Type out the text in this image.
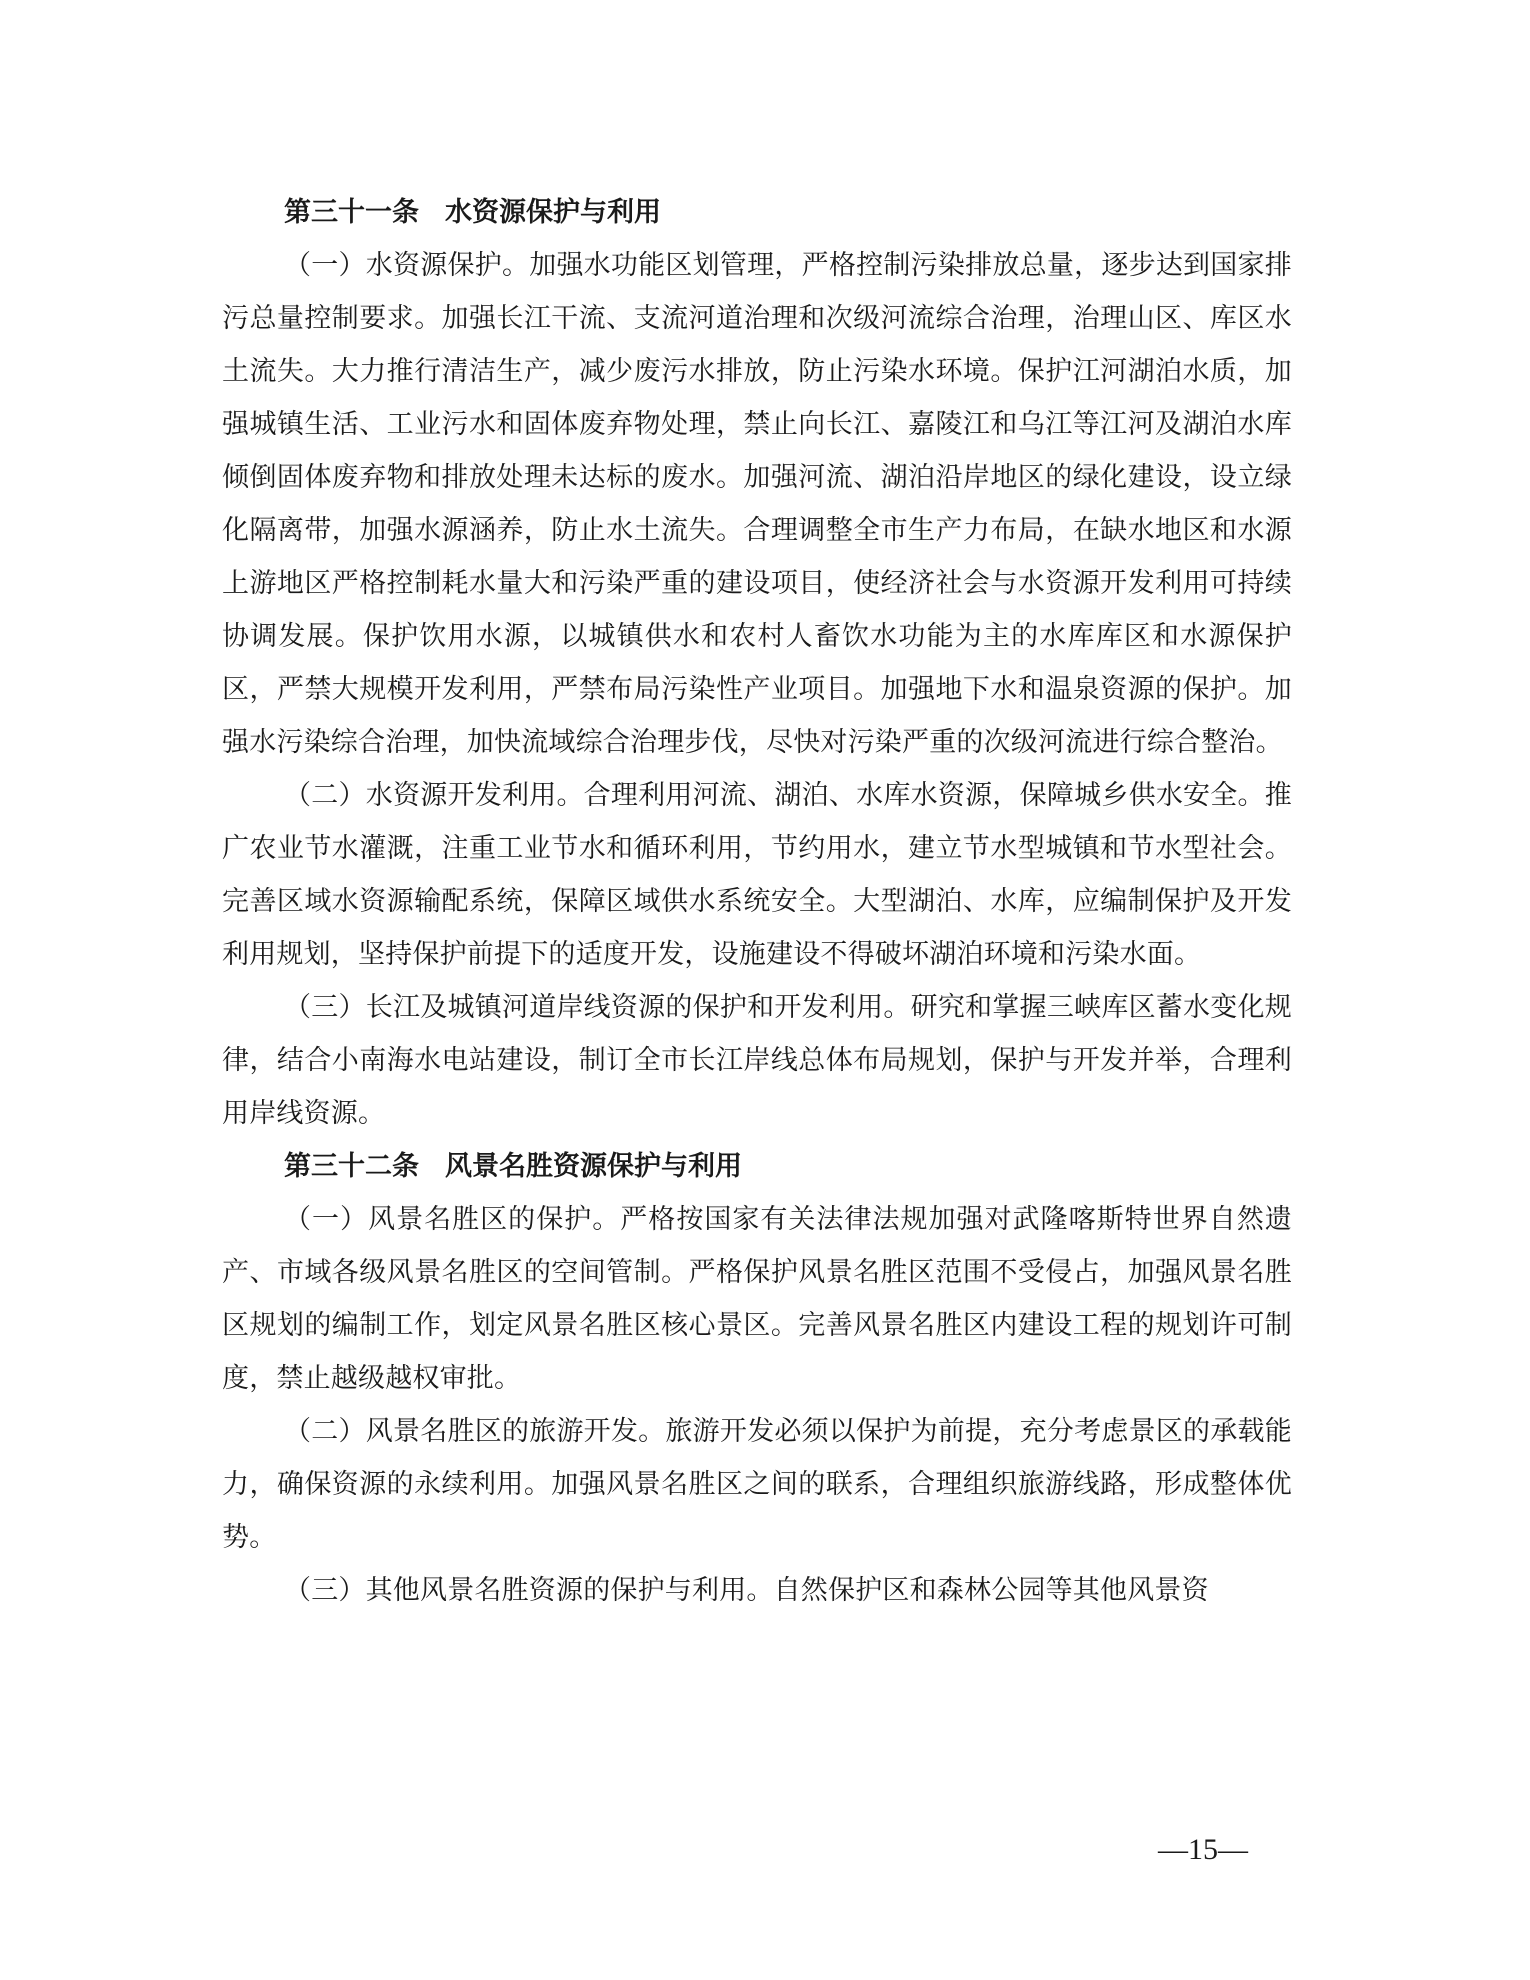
第三十一条 水资源保护与利用

（一）水资源保护。加强水功能区划管理，严格控制污染排放总量，逐步达到国家排污总量控制要求。加强长江干流、支流河道治理和次级河流综合治理，治理山区、库区水土流失。大力推行清洁生产，减少废污水排放，防止污染水环境。保护江河湖泊水质，加强城镇生活、工业污水和固体废弃物处理，禁止向长江、嘉陵江和乌江等江河及湖泊水库倾倒固体废弃物和排放处理未达标的废水。加强河流、湖泊沿岸地区的绿化建设，设立绿化隔离带，加强水源涵养，防止水土流失。合理调整全市生产力布局，在缺水地区和水源上游地区严格控制耗水量大和污染严重的建设项目，使经济社会与水资源开发利用可持续协调发展。保护饮用水源，以城镇供水和农村人畜饮水功能为主的水库库区和水源保护区，严禁大规模开发利用，严禁布局污染性产业项目。加强地下水和温泉资源的保护。加强水污染综合治理，加快流域综合治理步伐，尽快对污染严重的次级河流进行综合整治。

（二）水资源开发利用。合理利用河流、湖泊、水库水资源，保障城乡供水安全。推广农业节水灌溉，注重工业节水和循环利用，节约用水，建立节水型城镇和节水型社会。完善区域水资源输配系统，保障区域供水系统安全。大型湖泊、水库，应编制保护及开发利用规划，坚持保护前提下的适度开发，设施建设不得破坏湖泊环境和污染水面。

（三）长江及城镇河道岸线资源的保护和开发利用。研究和掌握三峡库区蓄水变化规律，结合小南海水电站建设，制订全市长江岸线总体布局规划，保护与开发并举，合理利用岸线资源。

第三十二条 风景名胜资源保护与利用

（一）风景名胜区的保护。严格按国家有关法律法规加强对武隆喀斯特世界自然遗产、市域各级风景名胜区的空间管制。严格保护风景名胜区范围不受侵占，加强风景名胜区规划的编制工作，划定风景名胜区核心景区。完善风景名胜区内建设工程的规划许可制度，禁止越级越权审批。

（二）风景名胜区的旅游开发。旅游开发必须以保护为前提，充分考虑景区的承载能力，确保资源的永续利用。加强风景名胜区之间的联系，合理组织旅游线路，形成整体优势。

（三）其他风景名胜资源的保护与利用。自然保护区和森林公园等其他风景资

—15—
